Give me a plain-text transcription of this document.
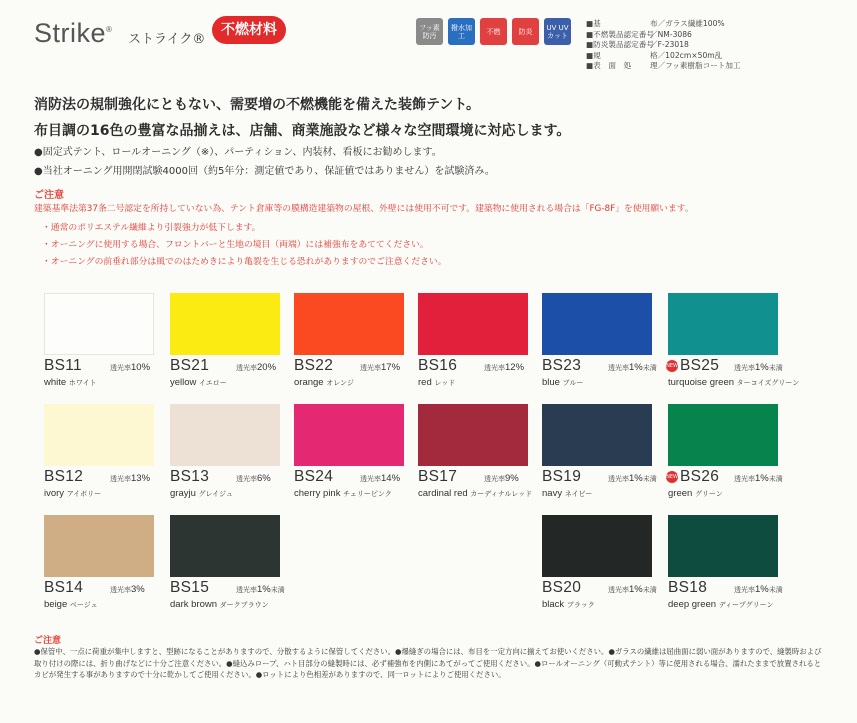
Strike®
ストライク®
不燃材料	フッ素 防汚
撥水加工	不燃	防炎	UV UVカット
■基	布／ガラス繊維100%
■不燃製品認定番号／NM-3086
■防炎製品認定番号／F-23018
■規	格／102cm×50m乱
■表　面　処 理／フッ素樹脂コート加工
消防法の規制強化にともない、需要増の不燃機能を備えた装飾テント。
布目調の16色の豊富な品揃えは、店舗、商業施設など様々な空間環境に対応します。
●固定式テント、ロールオーニング（※）、パーティション、内装材、看板にお勧めします。
●当社オーニング用開閉試験4000回（約5年分：測定値であり、保証値ではありません）を試験済み。
ご注意
建築基準法第37条二号認定を所持していない為、テント倉庫等の膜構造建築物の屋根、外壁には使用不可です。建築物に使用される場合は「FG-8F」を使用願います。
・通常のポリエステル繊維より引裂強力が低下します。
・オーニングに使用する場合、フロントバーと生地の境目（両端）には補強布をあててください。
・オーニングの前垂れ部分は風でのはためきにより亀裂を生じる恐れがありますのでご注意ください。
BS11	透光率10%
white ホワイト
BS21	透光率20%
yellow イエロー
BS22	透光率17%
orange オレンジ
BS16	透光率12%
red レッド
BS23	透光率1%未満
blue ブルー
NEW BS25 透光率1%未満
turquoise green ターコイズグリーン
BS12	透光率13%
ivory アイボリー
BS13	透光率6%
grayju グレイジュ
BS24	透光率14%
cherry pink チェリーピンク
BS17	透光率9%
cardinal red カーディナルレッド
BS19	透光率1%未満
navy ネイビー
NEW BS26 透光率1%未満
green グリーン
BS14	透光率3%
beige ベージュ
BS15	透光率1%未満
dark brown ダークブラウン
BS20	透光率1%未満
black ブラック
BS18	透光率1%未満
deep green ディープグリーン
ご注意
●保管中、一点に荷重が集中しますと、型跡になることがありますので、分散するように保管してください。●爆縫ぎの場合には、布目を一定方向に揃えてお使いください。●ガラスの繊維は屈曲面に弱い面がありますので、縫製時および取り付けの際には、折り曲げなどに十分ご注意ください。●縫込みロープ、ハト目部分の縫製時には、必ず補強布を内側にあてがってご使用ください。●ロールオーニング（可動式テント）等に使用される場合、濡れたままで放置されるとカビが発生する事がありますので十分に乾かしてご使用ください。●ロットにより色相差がありますので、同一ロットによりご使用ください。
